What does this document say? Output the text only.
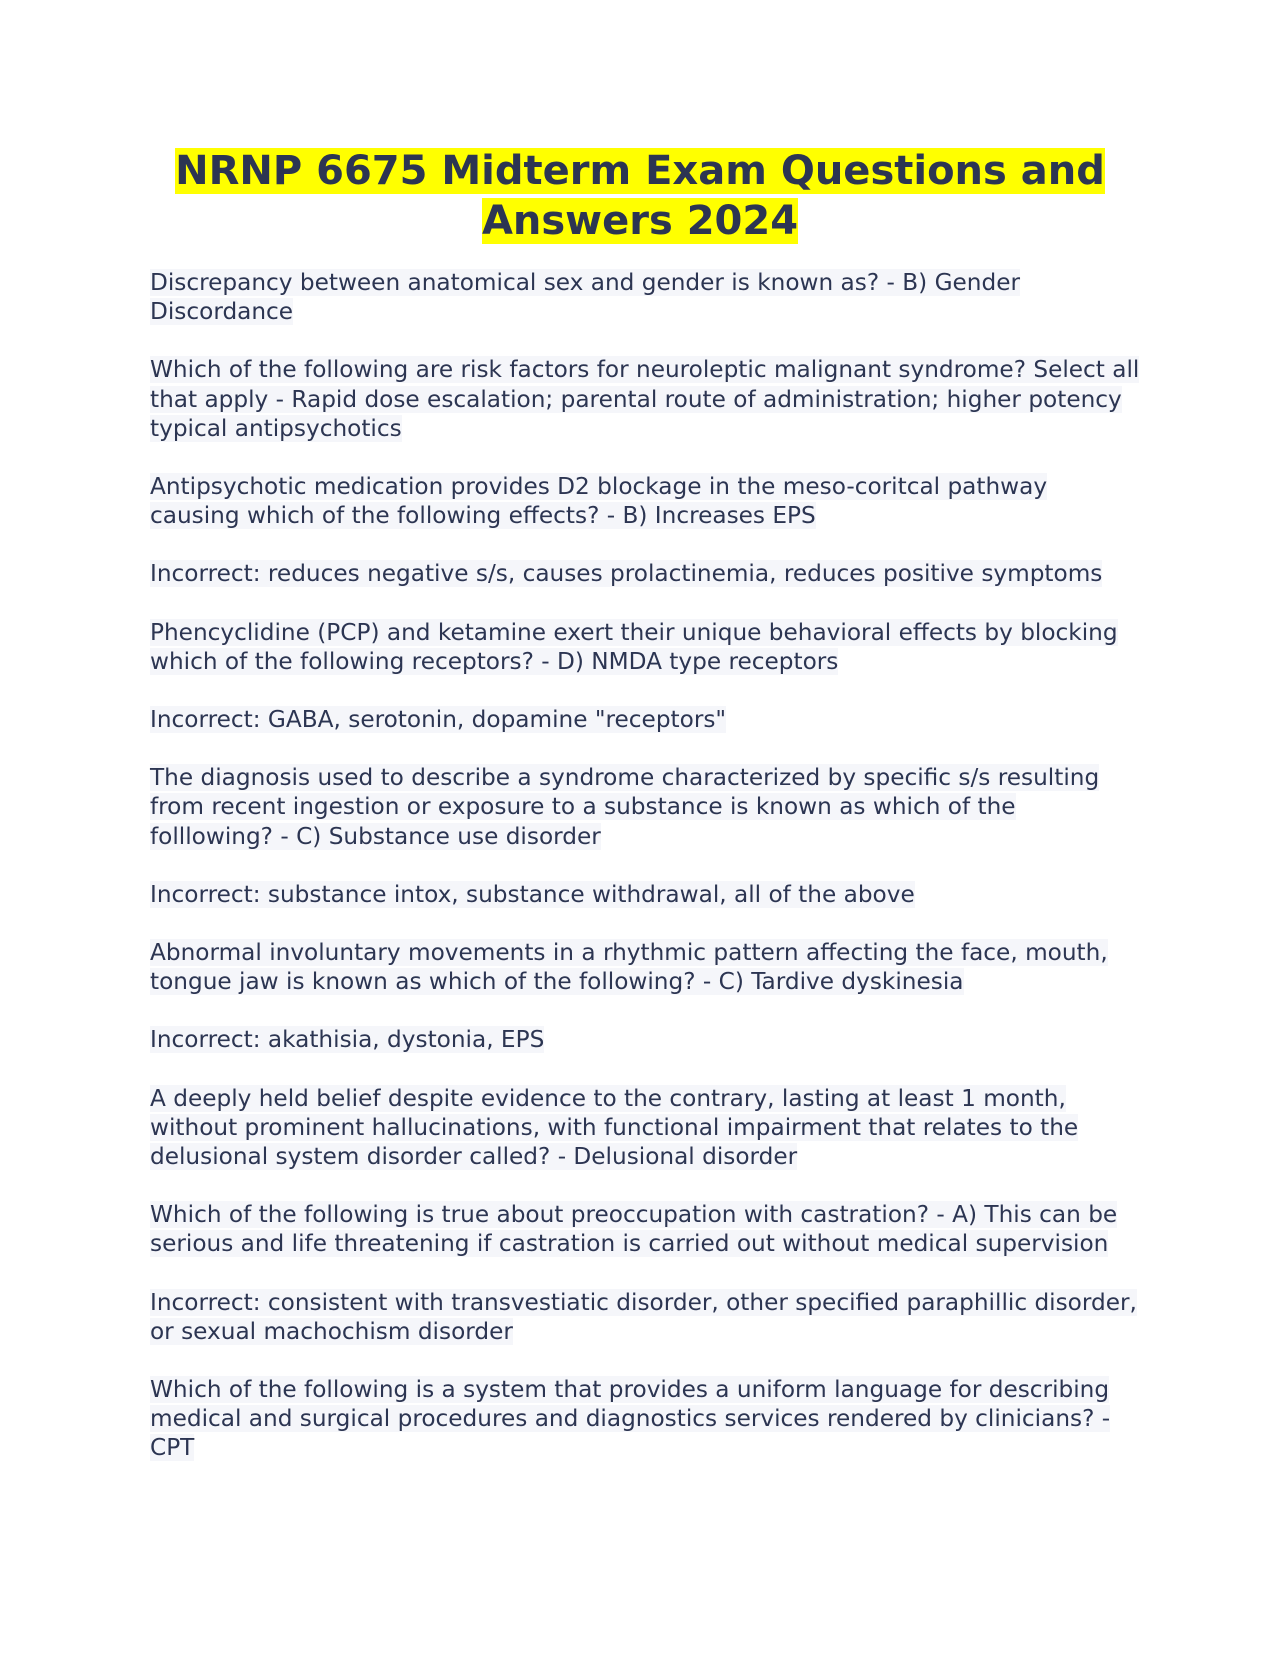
NRNP 6675 Midterm Exam Questions and Answers 2024

Discrepancy between anatomical sex and gender is known as? - B) Gender Discordance

Which of the following are risk factors for neuroleptic malignant syndrome? Select all that apply - Rapid dose escalation; parental route of administration; higher potency typical antipsychotics

Antipsychotic medication provides D2 blockage in the meso-coritcal pathway causing which of the following effects? - B) Increases EPS

Incorrect: reduces negative s/s, causes prolactinemia, reduces positive symptoms

Phencyclidine (PCP) and ketamine exert their unique behavioral effects by blocking which of the following receptors? - D) NMDA type receptors

Incorrect: GABA, serotonin, dopamine "receptors"

The diagnosis used to describe a syndrome characterized by specific s/s resulting from recent ingestion or exposure to a substance is known as which of the folllowing? - C) Substance use disorder

Incorrect: substance intox, substance withdrawal, all of the above

Abnormal involuntary movements in a rhythmic pattern affecting the face, mouth, tongue jaw is known as which of the following? - C) Tardive dyskinesia

Incorrect: akathisia, dystonia, EPS

A deeply held belief despite evidence to the contrary, lasting at least 1 month, without prominent hallucinations, with functional impairment that relates to the delusional system disorder called? - Delusional disorder

Which of the following is true about preoccupation with castration? - A) This can be serious and life threatening if castration is carried out without medical supervision

Incorrect: consistent with transvestiatic disorder, other specified paraphillic disorder, or sexual machochism disorder

Which of the following is a system that provides a uniform language for describing medical and surgical procedures and diagnostics services rendered by clinicians? - CPT
